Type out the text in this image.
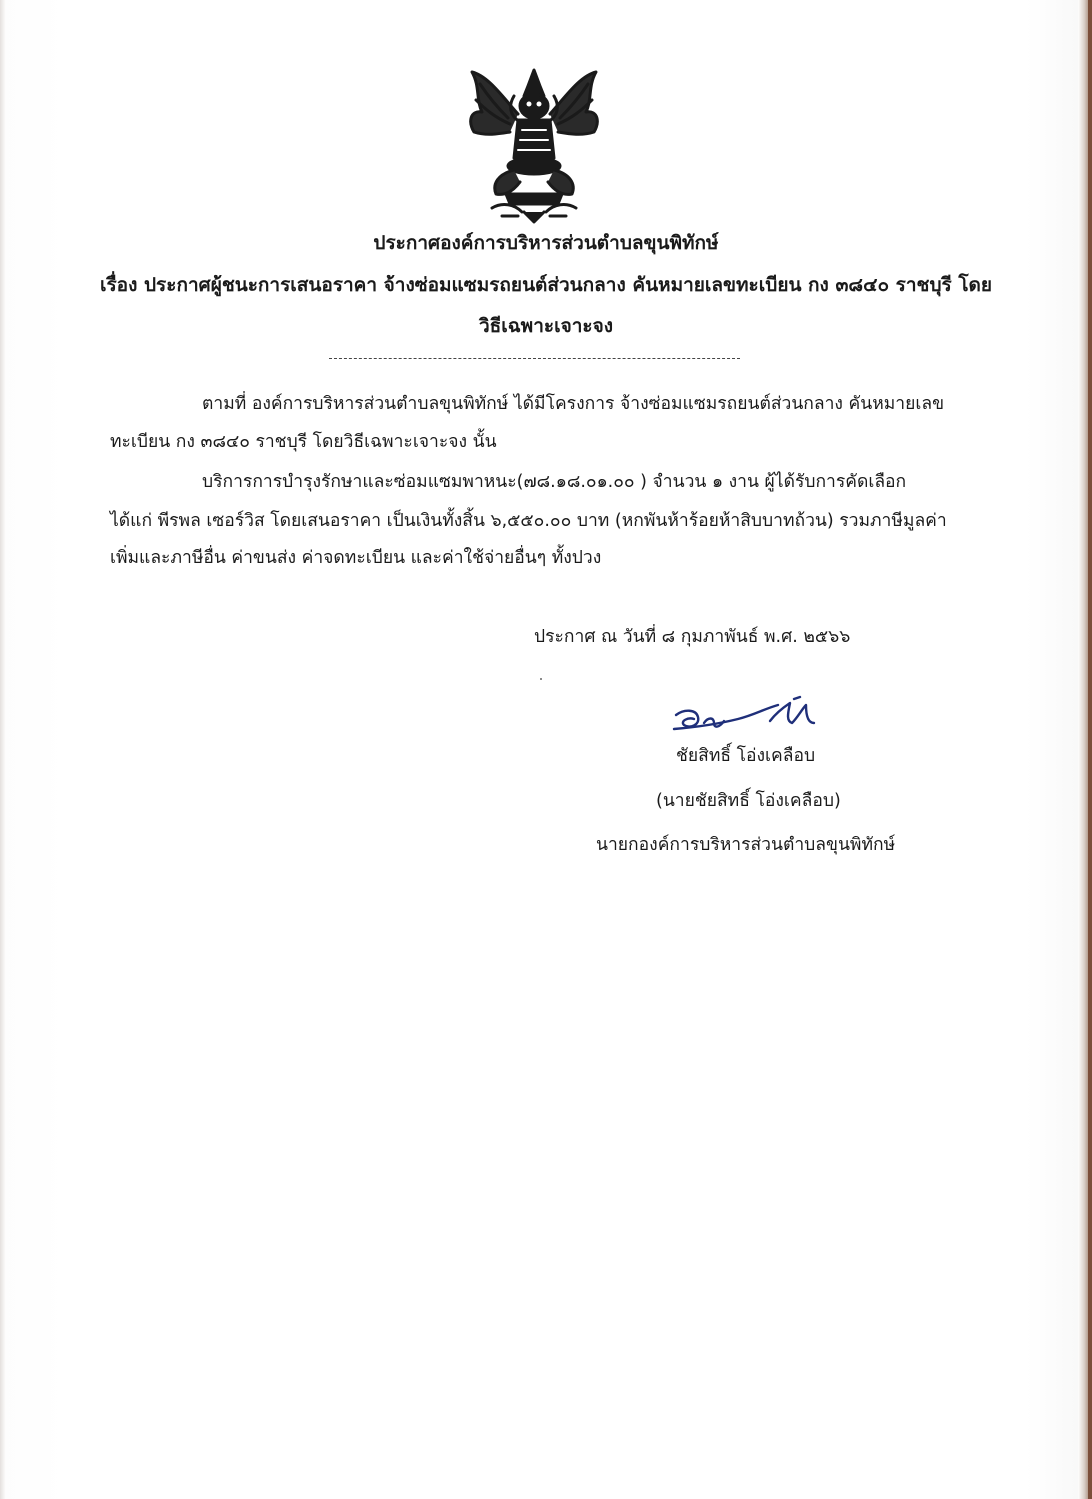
ประกาศองค์การบริหารส่วนตำบลขุนพิทักษ์
เรื่อง ประกาศผู้ชนะการเสนอราคา จ้างซ่อมแซมรถยนต์ส่วนกลาง คันหมายเลขทะเบียน กง ๓๘๔๐ ราชบุรี โดย
วิธีเฉพาะเจาะจง
ตามที่ องค์การบริหารส่วนตำบลขุนพิทักษ์ ได้มีโครงการ จ้างซ่อมแซมรถยนต์ส่วนกลาง คันหมายเลข
ทะเบียน กง ๓๘๔๐ ราชบุรี โดยวิธีเฉพาะเจาะจง นั้น
บริการการบำรุงรักษาและซ่อมแซมพาหนะ(๗๘.๑๘.๐๑.๐๐ ) จำนวน ๑ งาน ผู้ได้รับการคัดเลือก
ได้แก่ พีรพล เซอร์วิส โดยเสนอราคา เป็นเงินทั้งสิ้น ๖,๕๕๐.๐๐ บาท (หกพันห้าร้อยห้าสิบบาทถ้วน) รวมภาษีมูลค่า
เพิ่มและภาษีอื่น ค่าขนส่ง ค่าจดทะเบียน และค่าใช้จ่ายอื่นๆ ทั้งปวง
ประกาศ ณ วันที่ ๘ กุมภาพันธ์ พ.ศ. ๒๕๖๖
ชัยสิทธิ์ โอ่งเคลือบ
(นายชัยสิทธิ์ โอ่งเคลือบ)
นายกองค์การบริหารส่วนตำบลขุนพิทักษ์
